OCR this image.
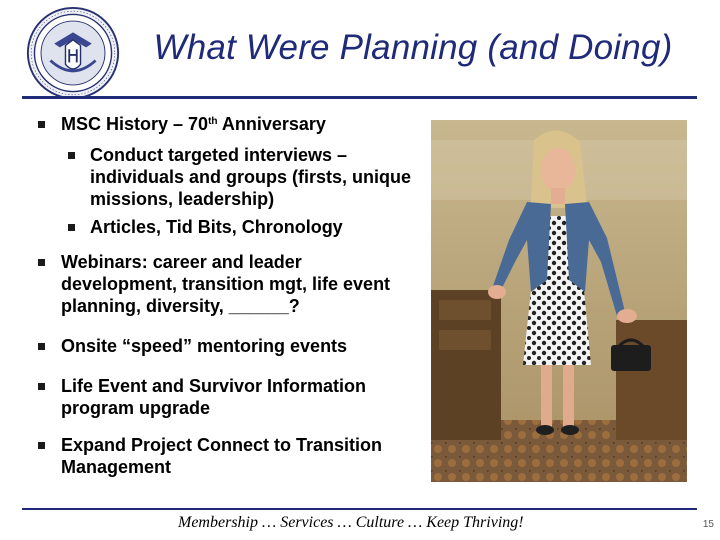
What Were Planning (and Doing)
MSC History – 70th Anniversary
Conduct targeted interviews – individuals and groups (firsts, unique missions, leadership)
Articles, Tid Bits, Chronology
Webinars: career and leader development, transition mgt, life event planning, diversity, ______?
Onsite “speed” mentoring events
Life Event and Survivor Information program upgrade
Expand Project Connect to Transition Management
Membership … Services … Culture … Keep Thriving!	15
